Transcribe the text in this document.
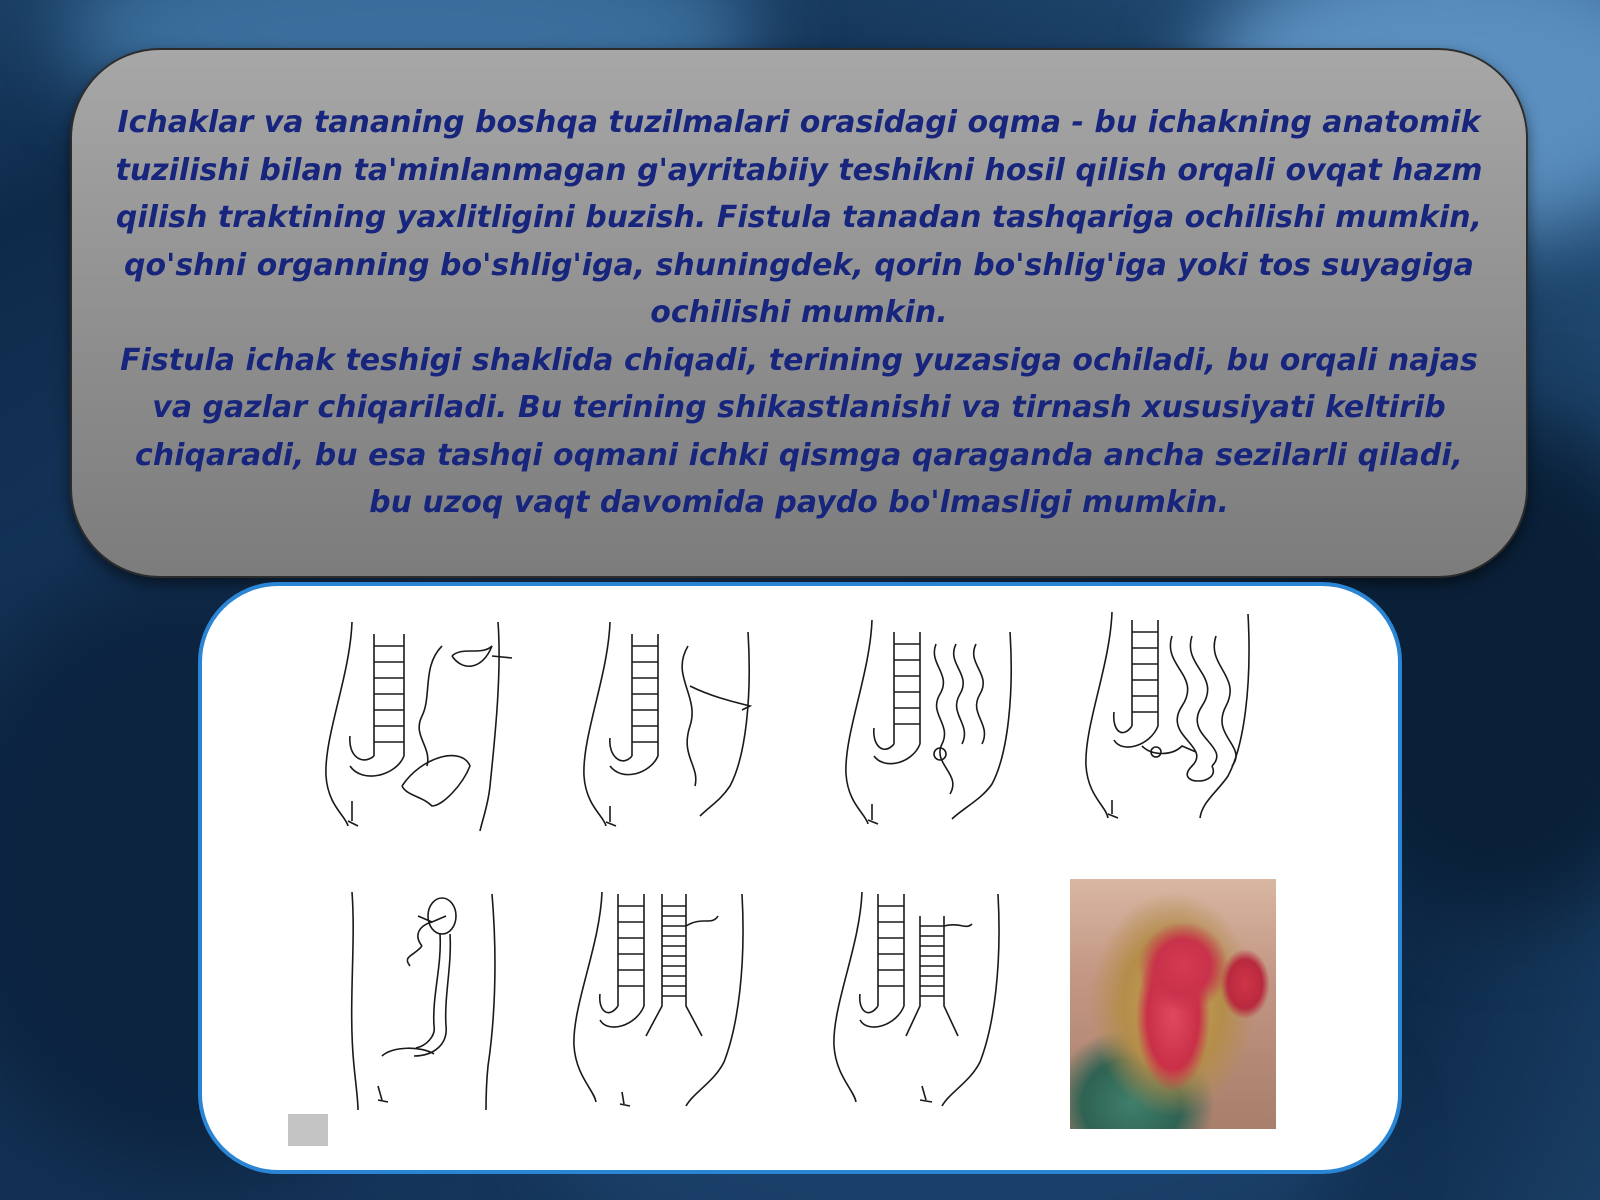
Ichaklar va tananing boshqa tuzilmalari orasidagi oqma - bu ichakning anatomik tuzilishi bilan ta'minlanmagan g'ayritabiiy teshikni hosil qilish orqali ovqat hazm qilish traktining yaxlitligini buzish. Fistula tanadan tashqariga ochilishi mumkin, qo'shni organning bo'shlig'iga, shuningdek, qorin bo'shlig'iga yoki tos suyagiga ochilishi mumkin.

Fistula ichak teshigi shaklida chiqadi, terining yuzasiga ochiladi, bu orqali najas va gazlar chiqariladi. Bu terining shikastlanishi va tirnash xususiyati keltirib chiqaradi, bu esa tashqi oqmani ichki qismga qaraganda ancha sezilarli qiladi, bu uzoq vaqt davomida paydo bo'lmasligi mumkin.
